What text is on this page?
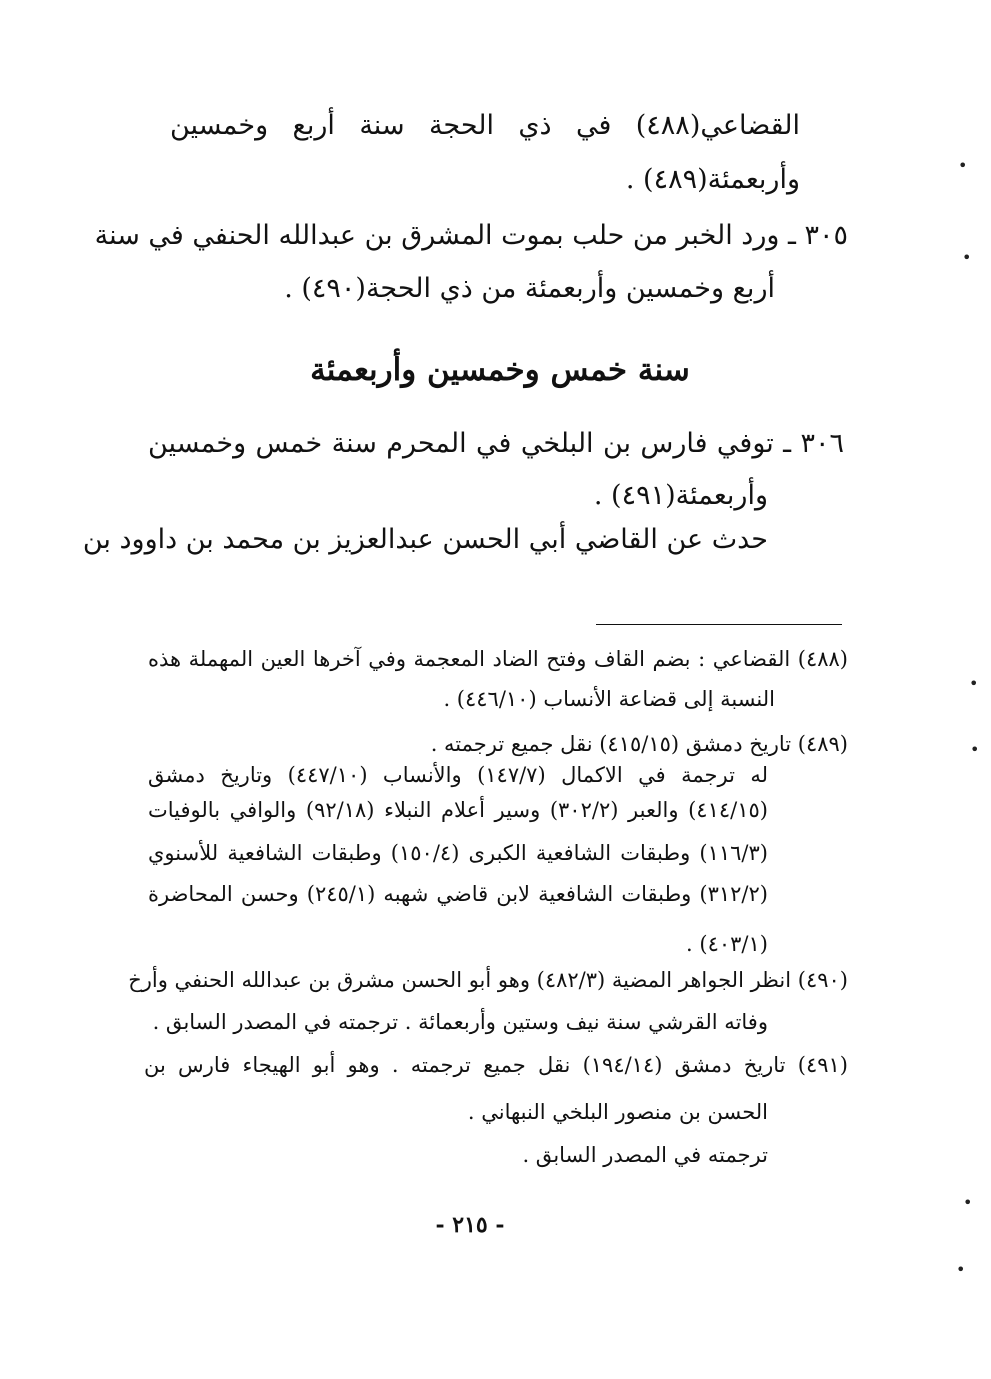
القضاعي(٤٨٨) في ذي الحجة سنة أربع وخمسين
وأربعمئة(٤٨٩) .
٣٠٥ ـ ورد الخبر من حلب بموت المشرق بن عبدالله الحنفي في سنة
أربع وخمسين وأربعمئة من ذي الحجة(٤٩٠) .
سنة خمس وخمسين وأربعمئة
٣٠٦ ـ توفي فارس بن البلخي في المحرم سنة خمس وخمسين
وأربعمئة(٤٩١) .
حدث عن القاضي أبي الحسن عبدالعزيز بن محمد بن داوود بن
(٤٨٨) القضاعي : بضم القاف وفتح الضاد المعجمة وفي آخرها العين المهملة هذه
النسبة إلى قضاعة الأنساب (٤٤٦/١٠) .
(٤٨٩) تاريخ دمشق (٤١٥/١٥) نقل جميع ترجمته .
له ترجمة في الاكمال (١٤٧/٧) والأنساب (٤٤٧/١٠) وتاريخ دمشق
(٤١٤/١٥) والعبر (٣٠٢/٢) وسير أعلام النبلاء (٩٢/١٨) والوافي بالوفيات
(١١٦/٣) وطبقات الشافعية الكبرى (١٥٠/٤) وطبقات الشافعية للأسنوي
(٣١٢/٢) وطبقات الشافعية لابن قاضي شهبه (٢٤٥/١) وحسن المحاضرة
(٤٠٣/١) .
(٤٩٠) انظر الجواهر المضية (٤٨٢/٣) وهو أبو الحسن مشرق بن عبدالله الحنفي وأرخ
وفاته القرشي سنة نيف وستين وأربعمائة . ترجمته في المصدر السابق .
(٤٩١) تاريخ دمشق (١٩٤/١٤) نقل جميع ترجمته . وهو أبو الهيجاء فارس بن
الحسن بن منصور البلخي النبهاني .
ترجمته في المصدر السابق .
- ٢١٥ -
•
•
•
•
•
•
